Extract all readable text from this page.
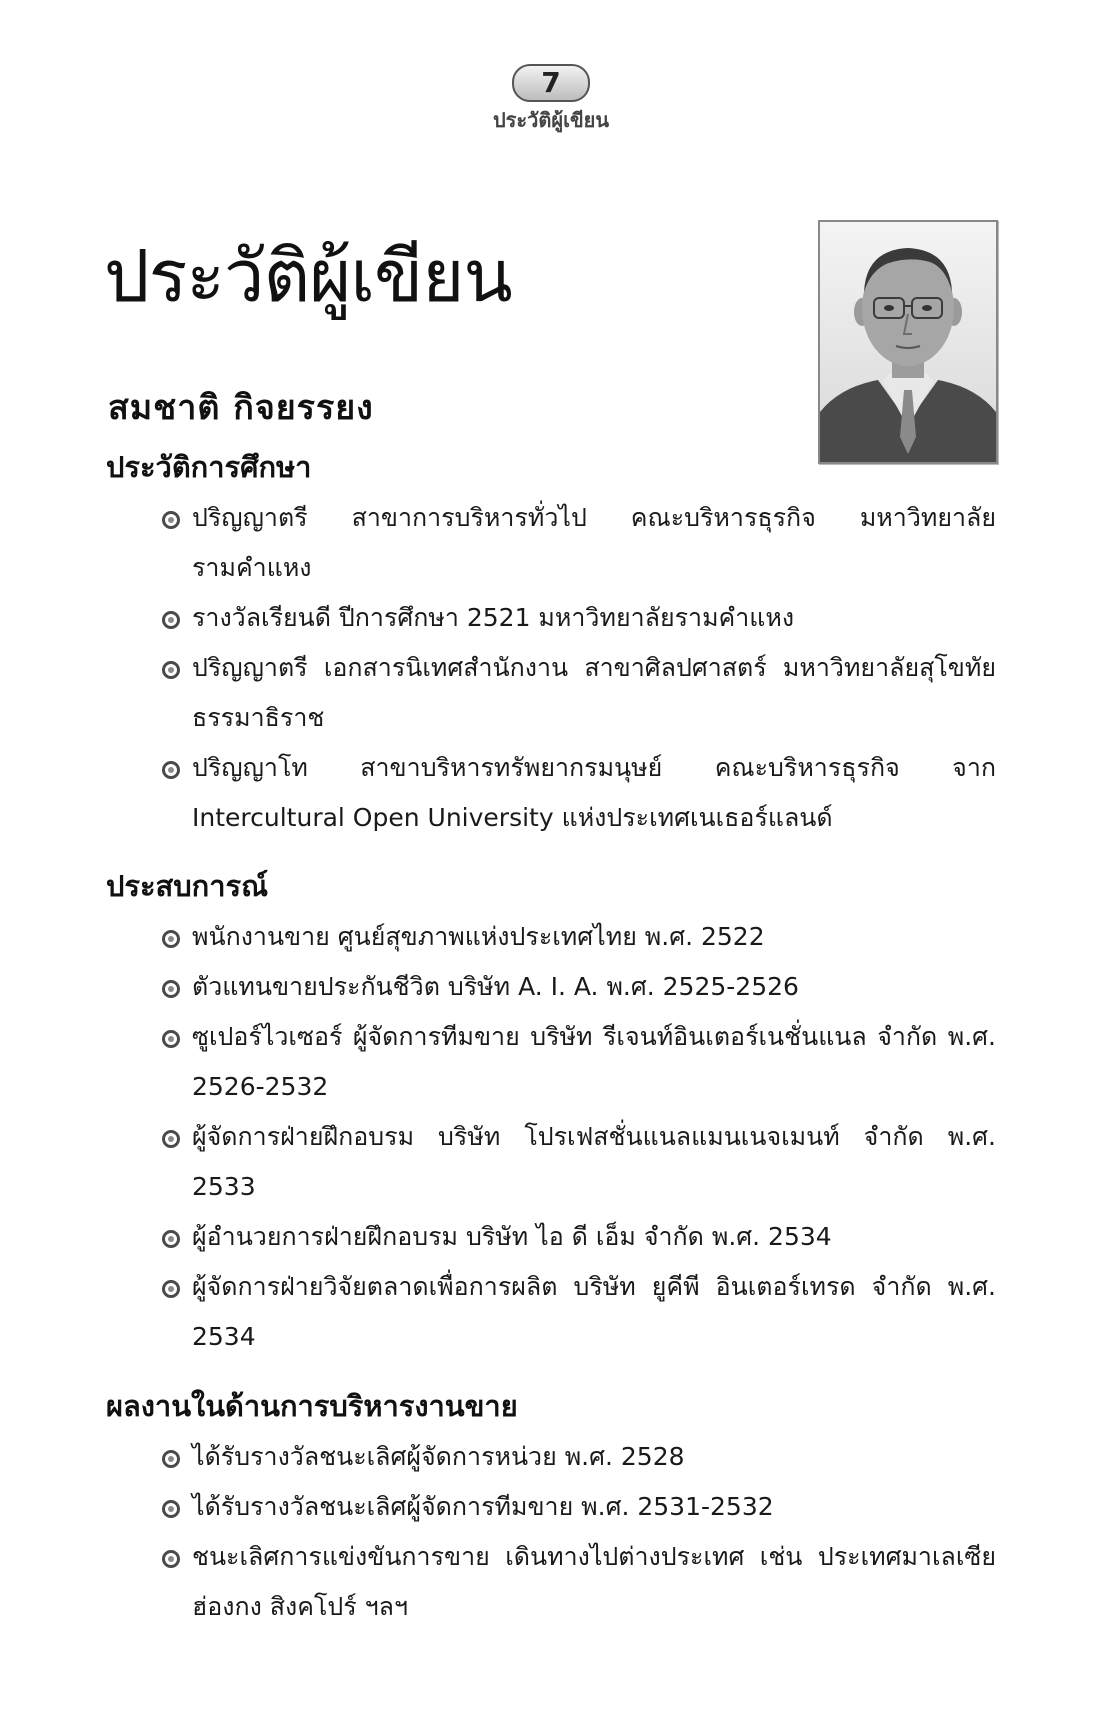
7
ประวัติผู้เขียน
ประวัติผู้เขียน
สมชาติ กิจยรรยง
ประวัติการศึกษา
ปริญญาตรี สาขาการบริหารทั่วไป คณะบริหารธุรกิจ มหาวิทยาลัยรามคำแหง
รางวัลเรียนดี ปีการศึกษา 2521 มหาวิทยาลัยรามคำแหง
ปริญญาตรี เอกสารนิเทศสำนักงาน สาขาศิลปศาสตร์ มหาวิทยาลัยสุโขทัยธรรมาธิราช
ปริญญาโท สาขาบริหารทรัพยากรมนุษย์ คณะบริหารธุรกิจ จาก Intercultural Open University แห่งประเทศเนเธอร์แลนด์
ประสบการณ์
พนักงานขาย ศูนย์สุขภาพแห่งประเทศไทย พ.ศ. 2522
ตัวแทนขายประกันชีวิต บริษัท A. I. A. พ.ศ. 2525-2526
ซูเปอร์ไวเซอร์ ผู้จัดการทีมขาย บริษัท รีเจนท์อินเตอร์เนชั่นแนล จำกัด พ.ศ. 2526-2532
ผู้จัดการฝ่ายฝึกอบรม บริษัท โปรเฟสชั่นแนลแมนเนจเมนท์ จำกัด พ.ศ. 2533
ผู้อำนวยการฝ่ายฝึกอบรม บริษัท ไอ ดี เอ็ม จำกัด พ.ศ. 2534
ผู้จัดการฝ่ายวิจัยตลาดเพื่อการผลิต บริษัท ยูคีพี อินเตอร์เทรด จำกัด พ.ศ. 2534
ผลงานในด้านการบริหารงานขาย
ได้รับรางวัลชนะเลิศผู้จัดการหน่วย พ.ศ. 2528
ได้รับรางวัลชนะเลิศผู้จัดการทีมขาย พ.ศ. 2531-2532
ชนะเลิศการแข่งขันการขาย เดินทางไปต่างประเทศ เช่น ประเทศมาเลเซีย ฮ่องกง สิงคโปร์ ฯลฯ
